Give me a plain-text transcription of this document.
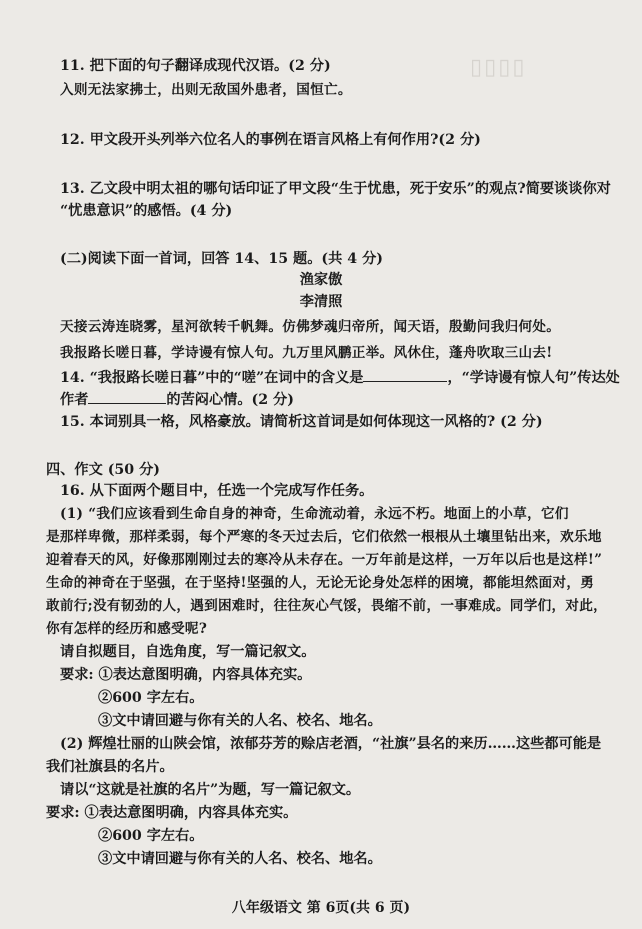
▯▯▯▯
11. 把下面的句子翻译成现代汉语。(2 分)
入则无法家拂士，出则无敌国外患者，国恒亡。
12. 甲文段开头列举六位名人的事例在语言风格上有何作用?(2 分)
13. 乙文段中明太祖的哪句话印证了甲文段“生于忧患，死于安乐”的观点?简要谈谈你对
“忧患意识”的感悟。(4 分)
(二)阅读下面一首词，回答 14、15 题。(共 4 分)
渔家傲
李清照
天接云涛连晓雾，星河欲转千帆舞。仿佛梦魂归帝所，闻天语，殷勤问我归何处。
我报路长嗟日暮，学诗谩有惊人句。九万里风鹏正举。风休住，蓬舟吹取三山去!
14. “我报路长嗟日暮”中的“嗟”在词中的含义是	，“学诗谩有惊人句”传达处
作者	的苦闷心情。(2 分)
15. 本词别具一格，风格豪放。请简析这首词是如何体现这一风格的? (2 分)
四、作文 (50 分)
16. 从下面两个题目中，任选一个完成写作任务。
(1) “我们应该看到生命自身的神奇，生命流动着，永远不朽。地面上的小草，它们
是那样卑微，那样柔弱，每个严寒的冬天过去后，它们依然一根根从土壤里钻出来，欢乐地
迎着春天的风，好像那刚刚过去的寒冷从未存在。一万年前是这样，一万年以后也是这样!”
生命的神奇在于坚强，在于坚持!坚强的人，无论无论身处怎样的困境，都能坦然面对，勇
敢前行;没有韧劲的人，遇到困难时，往往灰心气馁，畏缩不前，一事难成。同学们，对此，
你有怎样的经历和感受呢?
请自拟题目，自选角度，写一篇记叙文。
要求: ①表达意图明确，内容具体充实。
②600 字左右。
③文中请回避与你有关的人名、校名、地名。
(2) 辉煌壮丽的山陕会馆，浓郁芬芳的赊店老酒，“社旗”县名的来历……这些都可能是
我们社旗县的名片。
请以“这就是社旗的名片”为题，写一篇记叙文。
要求: ①表达意图明确，内容具体充实。
②600 字左右。
③文中请回避与你有关的人名、校名、地名。
八年级语文 第 6页(共 6 页)
